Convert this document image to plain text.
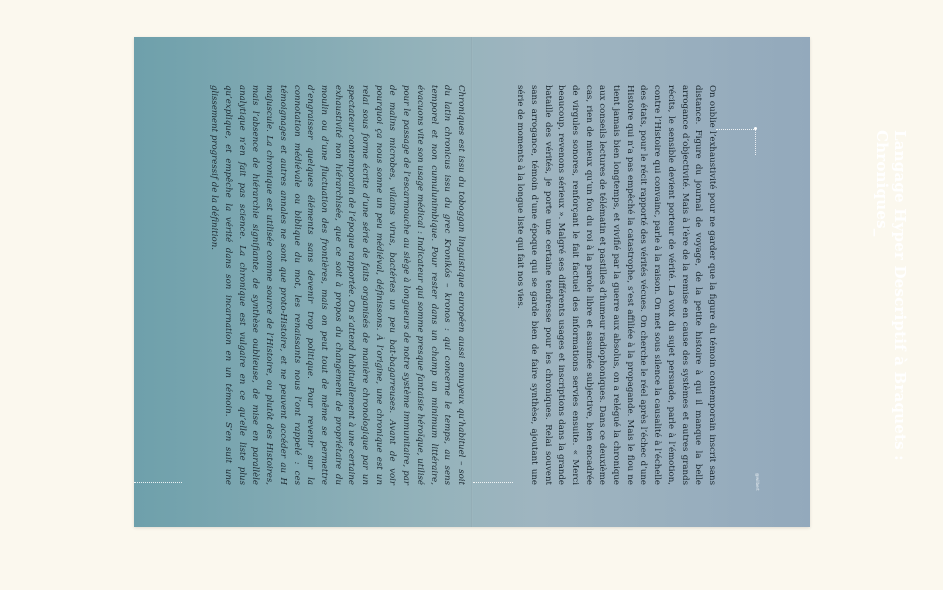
Chroniques est issu du toboggan linguistique européen aussi ennuyeux qu’habituel – soit du latin chronicus issu du grec Kronikós – kronos : qui concerne le temps, au sens temporel et non cumulunimbique. Pour rester dans un champ un minimum littéraire, évacuons vite son usage médical : Indicateur qui somme presque fantaisie héroïque, utilisé pour le passage de l’escarmouche au siège à longueurs de notre système immunitaire, par de malins microbes, vilains virus, bactéries un peu bat-bagarreuses. Avant de voir pourquoi ça nous sonne un peu médiéval, définissons. À l’origine, une chronique est un relai sous forme écrite d’une série de faits organisés de manière chronologique par un spectateur contemporain de l’époque rapportée. On s’attend habituellement à une certaine exhaustivité non hiérarchisée, que ce soit à propos du changement de propriétaire du moulin ou d’une fluctuation des frontières, mais on peut tout de même se permettre d’engraisser quelques éléments sans devenir trop politique. Pour revenir sur la connotation médiévale ou biblique du mot, les renaissants nous l’ont rappelé : ces témoignages et autres annales ne sont que proto-Histoire, et ne peuvent accéder au H majuscule. La chronique est utilisée comme source de l’Histoire, ou plutôt des Histoires, mais l’absence de hiérarchie signifiante, de synthèse oublieuse, de mise en parallèle analytique n’en fait pas science. La chronique est vulgaire en ce qu’elle liste plus qu’explique, et empêche la vérité dans son incarnation en un témoin. S’en suit une glissement progressif de la définition.	On oublie l’exhaustivité pour ne garder que la figure du témoin contemporain inscrit sans distance. Figure du journal de voyage, de la petite histoire à qui il manque la belle arrogance d’objectivité. Mais à l’ère de la remise en cause des systèmes et autres grands récits, le sensible devient porteur de vérité. La voix du sujet persuade, parle à l’émotion, contre l’Histoire qui convainc, parle à la raison. On met sous silence la causalité à l’échelle des états, pour le récit rapporté des vérités vécues. On cherche le réel après l’échec d’une Histoire qui n’a pas empêché la catastrophe, s’est affiliée à la propagande. Mais le flou ne tient jamais bien longtemps, et vivifié par la guerre aux absolus, on a relégué la chronique aux conseils lectures de télématin et pastilles d’humeur radiophoniques. Dans ce deuxième cas, rien de mieux qu’un fou du roi à la parole libre et assumée subjective, bien encadrée de virgules sonores, renforçant le fait factuel des informations servies ensuite. « Merci beaucoup, revenons sérieux ». Malgré ses différents usages et inscriptions dans la grande bataille des vérités, je porte une certaine tendresse pour les chroniques. Relai souvent sans arrogance, témoin d’une époque qui se garde bien de faire synthèse, ajoutant une série de moments à la longue liste qui fait nos vies.	Langage Hyper Descriptif à Braquets : Chroniques_
@wilbert
